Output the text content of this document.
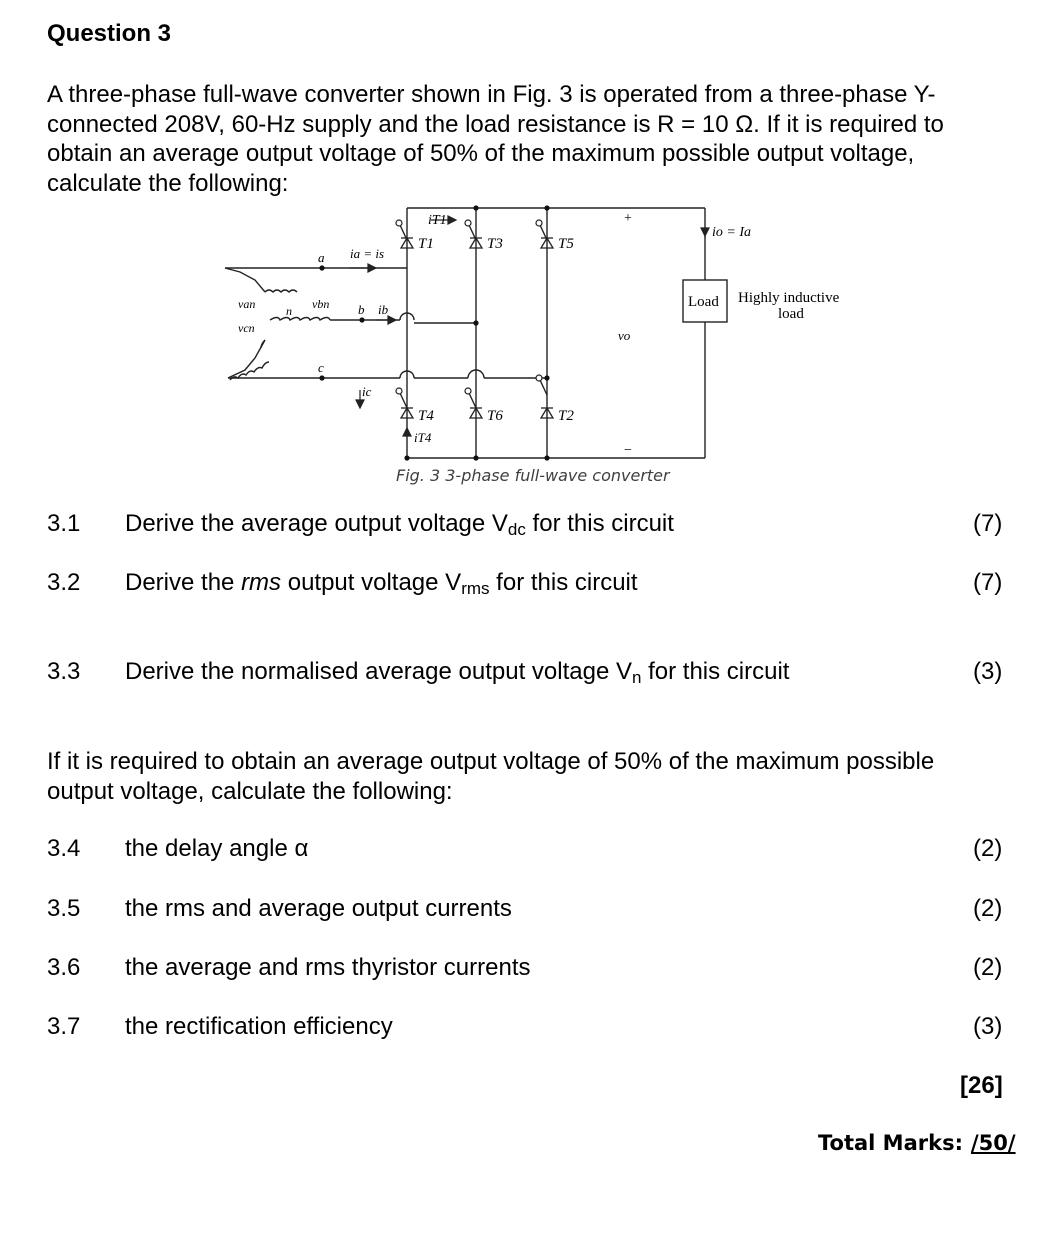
Question 3
A three-phase full-wave converter shown in Fig. 3 is operated from a three-phase Y-
connected 208V, 60-Hz supply and the load resistance is R = 10 Ω. If it is required to
obtain an average output voltage of 50% of the maximum possible output voltage,
calculate the following:
a ia = is
van
vcn
n vbn b ib
c
ic
iT1
T1	T3	T5
T4	T6	T2
iT4
+
−
vo
io = Ia
Load Highly inductive
load
Fig. 3 3-phase full-wave converter
3.1 Derive the average output voltage $V_{dc}$ for this circuit	(7)
3.2 Derive the rms output voltage $V_{rms}$ for this circuit	(7)
3.3 Derive the normalised average output voltage $V_n$ for this circuit	(3)
If it is required to obtain an average output voltage of 50% of the maximum possible
output voltage, calculate the following:
3.4 the delay angle α	(2)
3.5 the rms and average output currents	(2)
3.6 the average and rms thyristor currents	(2)
3.7 the rectification efficiency	(3)
[26]
Total Marks: /50/
